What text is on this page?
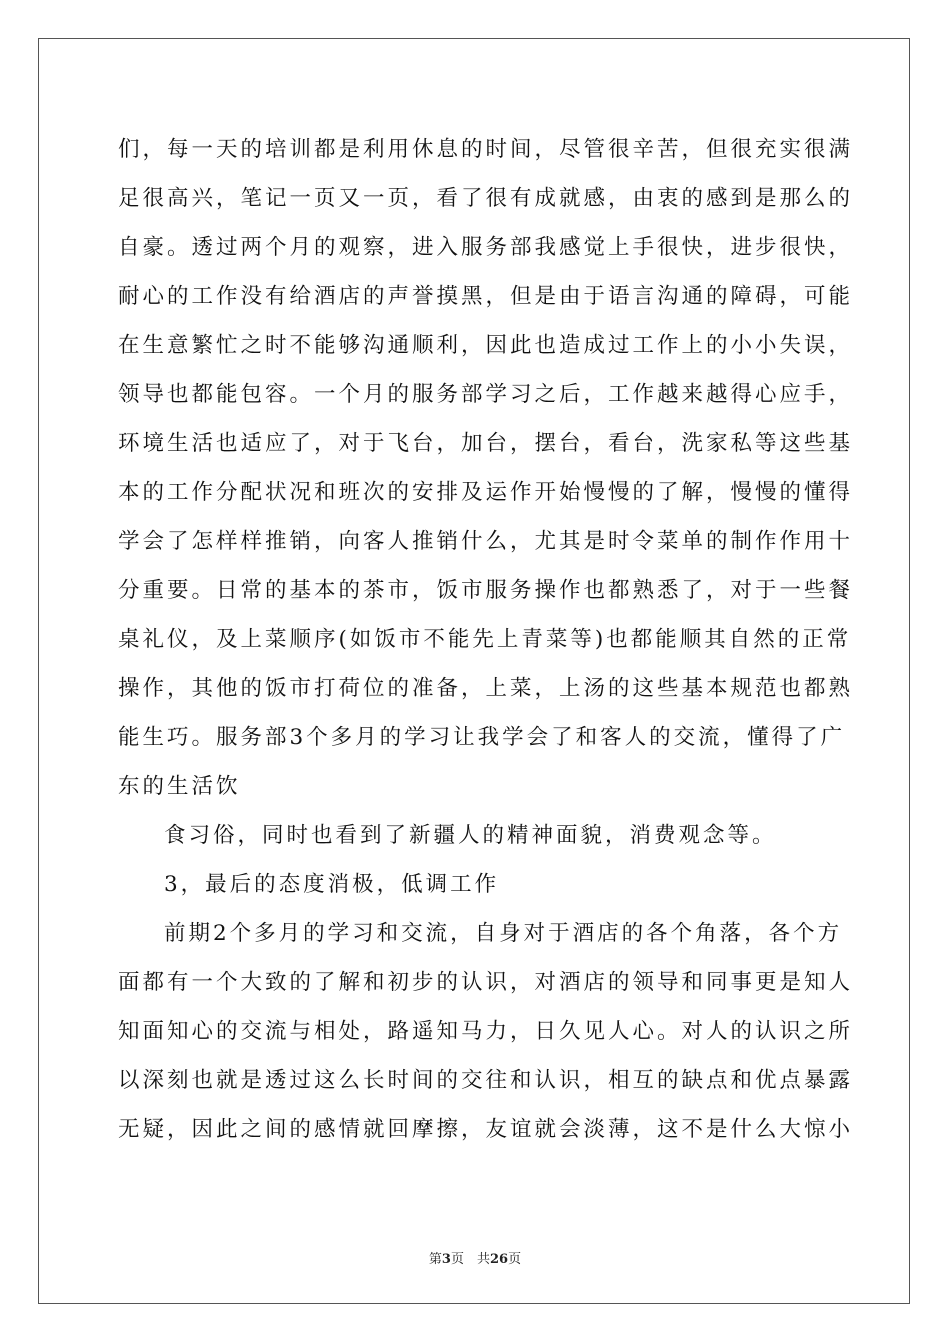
们，每一天的培训都是利用休息的时间，尽管很辛苦，但很充实很满
足很高兴，笔记一页又一页，看了很有成就感，由衷的感到是那么的
自豪。透过两个月的观察，进入服务部我感觉上手很快，进步很快，
耐心的工作没有给酒店的声誉摸黑，但是由于语言沟通的障碍，可能
在生意繁忙之时不能够沟通顺利，因此也造成过工作上的小小失误，
领导也都能包容。一个月的服务部学习之后，工作越来越得心应手，
环境生活也适应了，对于飞台，加台，摆台，看台，洗家私等这些基
本的工作分配状况和班次的安排及运作开始慢慢的了解，慢慢的懂得
学会了怎样样推销，向客人推销什么，尤其是时令菜单的制作作用十
分重要。日常的基本的茶市，饭市服务操作也都熟悉了，对于一些餐
桌礼仪，及上菜顺序(如饭市不能先上青菜等)也都能顺其自然的正常
操作，其他的饭市打荷位的准备，上菜，上汤的这些基本规范也都熟
能生巧。服务部3个多月的学习让我学会了和客人的交流，懂得了广
东的生活饮
食习俗，同时也看到了新疆人的精神面貌，消费观念等。
3，最后的态度消极，低调工作
前期2个多月的学习和交流，自身对于酒店的各个角落，各个方
面都有一个大致的了解和初步的认识，对酒店的领导和同事更是知人
知面知心的交流与相处，路遥知马力，日久见人心。对人的认识之所
以深刻也就是透过这么长时间的交往和认识，相互的缺点和优点暴露
无疑，因此之间的感情就回摩擦，友谊就会淡薄，这不是什么大惊小
第3页　共26页
